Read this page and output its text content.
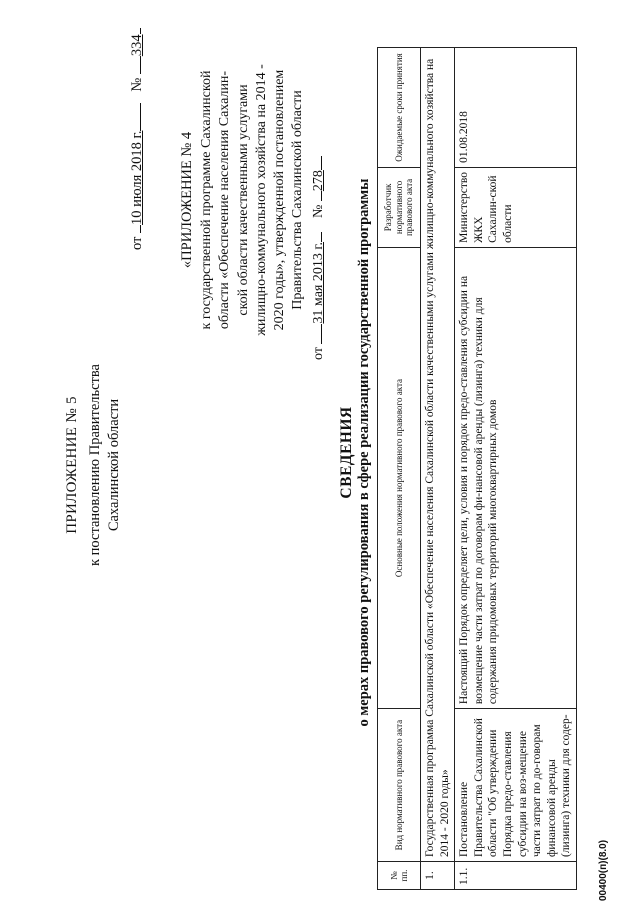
ПРИЛОЖЕНИЕ № 5 к постановлению Правительства Сахалинской области
от 10 июля 2018 г.   № 334
«ПРИЛОЖЕНИЕ № 4 к государственной программе Сахалинской области «Обеспечение населения Сахалин- ской области качественными услугами жилищно-коммунального хозяйства на 2014 - 2020 годы», утвержденной постановлением Правительства Сахалинской области
от 31 мая 2013 г.    № 278
СВЕДЕНИЯ о мерах правового регулирования в сфере реализации государственной программы
№ пп.	Вид нормативного правового акта	Основные положения нормативного правового акта	Разработчик нормативного правового акта	Ожидаемые сроки принятия
1.	Государственная программа Сахалинской области «Обеспечение населения Сахалинской области качественными услугами жилищно-коммунального хозяйства на 2014 - 2020 годы»			
1.1.	Постановление Правительства Сахалинской области "Об утверждении Порядка предо-ставления субсидии на воз-мещение части затрат по до-говорам финансовой аренды (лизинга) техники для содер-	Настоящий Порядок определяет цели, условия и порядок предо-ставления субсидии на возмещение части затрат по договорам фи-нансовой аренды (лизинга) техники для содержания придомовых территорий многоквартирных домов	Министерство ЖКХ Сахалин-ской области	01.08.2018
00400(п)(8.0)
